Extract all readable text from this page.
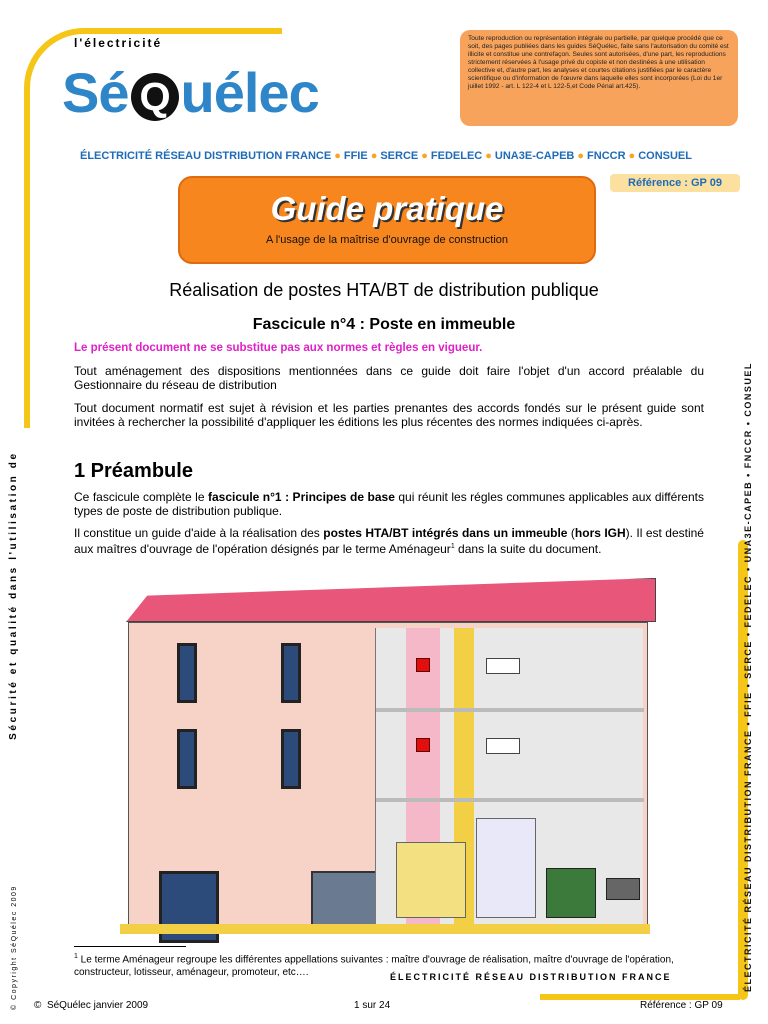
© Copyright SéQuélec 2009 Sécurité et qualité dans l'utilisation de	ÉLECTRICITÉ RÉSEAU DISTRIBUTION FRANCE • FFIE • SERCE • FEDELEC • UNA3E-CAPEB • FNCCR • CONSUEL
l'électricité
Sé Q uélec
Toute reproduction ou représentation intégrale ou partielle, par quelque procédé que ce soit, des pages publiées dans les guides SéQuélec, faite sans l'autorisation du comité est illicite et constitue une contrefaçon. Seules sont autorisées, d'une part, les reproductions strictement réservées à l'usage privé du copiste et non destinées à une utilisation collective et, d'autre part, les analyses et courtes citations justifiées par le caractère scientifique ou d'information de l'œuvre dans laquelle elles sont incorporées (Loi du 1er juillet 1992 - art. L 122-4 et L 122-5,et Code Pénal art.425).
ÉLECTRICITÉ RÉSEAU DISTRIBUTION FRANCE ● FFIE ● SERCE ● FEDELEC ● UNA3E-CAPEB ● FNCCR ● CONSUEL
Référence : GP 09
Guide pratique
A l'usage de la maîtrise d'ouvrage de construction
Réalisation de postes HTA/BT de distribution publique
Fascicule n°4 : Poste en immeuble
Le présent document ne se substitue pas aux normes et règles en vigueur.
Tout aménagement des dispositions mentionnées dans ce guide doit faire l'objet d'un accord préalable du Gestionnaire du réseau de distribution
Tout document normatif est sujet à révision et les parties prenantes des accords fondés sur le présent guide sont invitées à rechercher la possibilité d'appliquer les éditions les plus récentes des normes indiquées ci-après.
1 Préambule
Ce fascicule complète le fascicule n°1 : Principes de base qui réunit les régles communes applicables aux différents types de poste de distribution publique.
Il constitue un guide d'aide à la réalisation des postes HTA/BT intégrés dans un immeuble (hors IGH). Il est destiné aux maîtres d'ouvrage de l'opération désignés par le terme Aménageur$^1$ dans la suite du document.
$^1$ Le terme Aménageur regroupe les différentes appellations suivantes : maître d'ouvrage de réalisation, maître d'ouvrage de l'opération, constructeur, lotisseur, aménageur, promoteur, etc….	ÉLECTRICITÉ RÉSEAU DISTRIBUTION FRANCE
© SéQuélec janvier 2009	1 sur 24	Référence : GP 09
